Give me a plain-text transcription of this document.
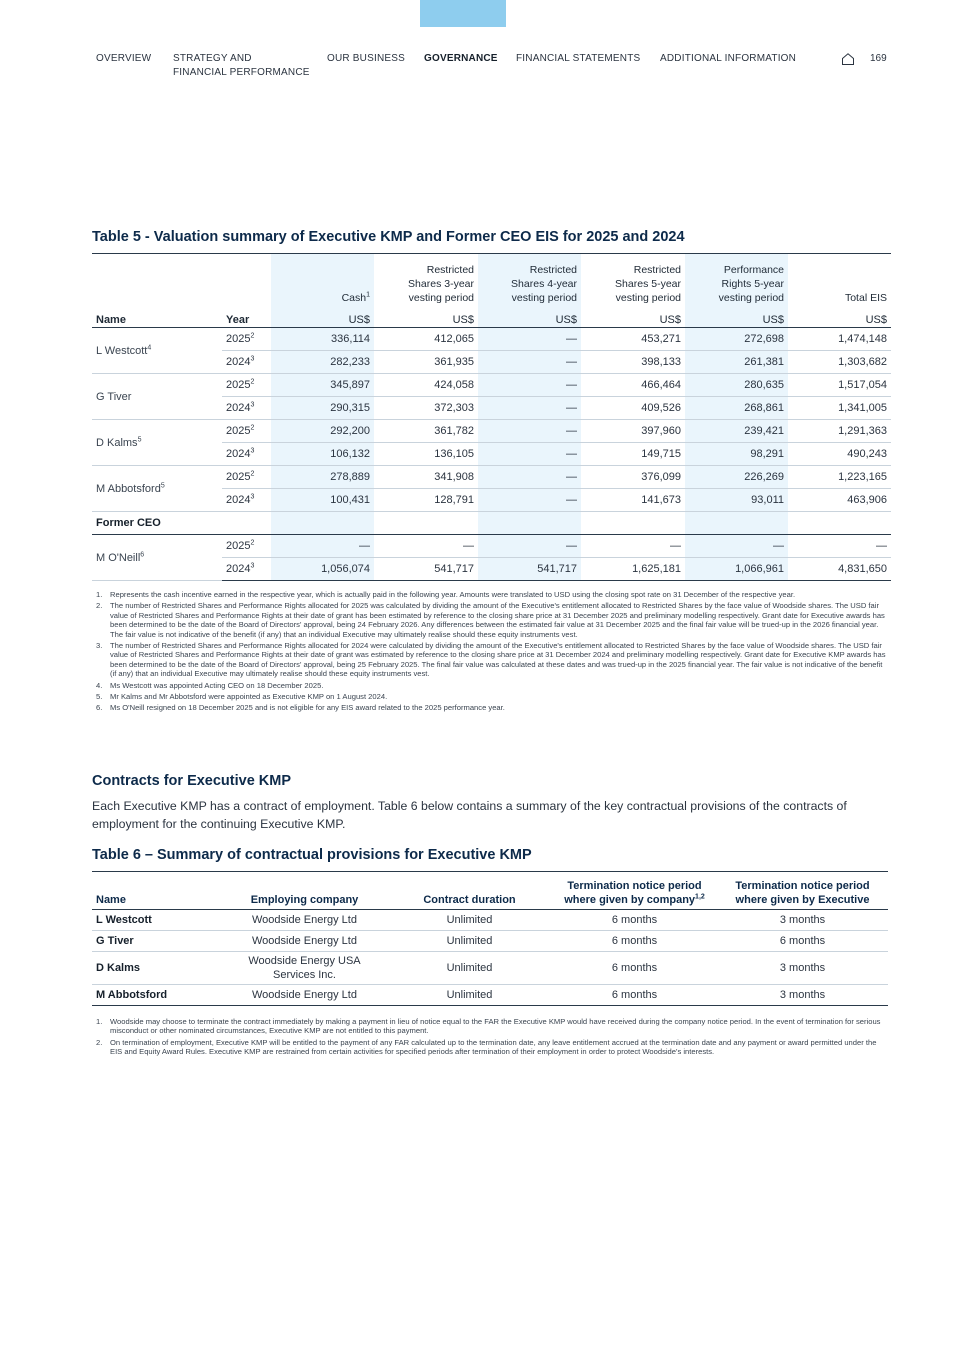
OVERVIEW STRATEGY AND
FINANCIAL PERFORMANCE
OUR BUSINESS GOVERNANCE FINANCIAL STATEMENTS ADDITIONAL INFORMATION	169
Table 5 - Valuation summary of Executive KMP and Former CEO EIS for 2025 and 2024
		Cash$^1$	Restricted
Shares 3-year
vesting period	Restricted
Shares 4-year
vesting period	Restricted
Shares 5-year
vesting period	Performance
Rights 5-year
vesting period	Total EIS
Name	Year	US$	US$	US$	US$	US$	US$
L Westcott$^4$	2025$^2$	336,114	412,065	—	453,271	272,698	1,474,148
	2024$^3$	282,233	361,935	—	398,133	261,381	1,303,682
G Tiver	2025$^2$	345,897	424,058	—	466,464	280,635	1,517,054
	2024$^3$	290,315	372,303	—	409,526	268,861	1,341,005
D Kalms$^5$	2025$^2$	292,200	361,782	—	397,960	239,421	1,291,363
	2024$^3$	106,132	136,105	—	149,715	98,291	490,243
M Abbotsford$^5$	2025$^2$	278,889	341,908	—	376,099	226,269	1,223,165
	2024$^3$	100,431	128,791	—	141,673	93,011	463,906
Former CEO							
M O'Neill$^6$	2025$^2$	—	—	—	—	—	—
	2024$^3$	1,056,074	541,717	541,717	1,625,181	1,066,961	4,831,650
1. Represents the cash incentive earned in the respective year, which is actually paid in the following year. Amounts were translated to USD using the closing spot rate on 31 December of the respective year.
2. The number of Restricted Shares and Performance Rights allocated for 2025 was calculated by dividing the amount of the Executive's entitlement allocated to Restricted Shares by the face value of Woodside shares. The USD fair value of Restricted Shares and Performance Rights at their date of grant has been estimated by reference to the closing share price at 31 December 2025 and preliminary modelling respectively. Grant date for Executive awards has been determined to be the date of the Board of Directors' approval, being 24 February 2026. Any differences between the estimated fair value at 31 December 2025 and the final fair value will be trued-up in the 2026 financial year. The fair value is not indicative of the benefit (if any) that an individual Executive may ultimately realise should these equity instruments vest.
3. The number of Restricted Shares and Performance Rights allocated for 2024 were calculated by dividing the amount of the Executive's entitlement allocated to Restricted Shares by the face value of Woodside shares. The USD fair value of Restricted Shares and Performance Rights at their date of grant was estimated by reference to the closing share price at 31 December 2024 and preliminary modelling respectively. Grant date for Executive KMP awards has been determined to be the date of the Board of Directors' approval, being 25 February 2025. The final fair value was calculated at these dates and was trued-up in the 2025 financial year. The fair value is not indicative of the benefit (if any) that an individual Executive may ultimately realise should these equity instruments vest.
4. Ms Westcott was appointed Acting CEO on 18 December 2025.
5. Mr Kalms and Mr Abbotsford were appointed as Executive KMP on 1 August 2024.
6. Ms O'Neill resigned on 18 December 2025 and is not eligible for any EIS award related to the 2025 performance year.
Contracts for Executive KMP

Each Executive KMP has a contract of employment. Table 6 below contains a summary of the key contractual provisions of the contracts of employment for the continuing Executive KMP.

Table 6 – Summary of contractual provisions for Executive KMP
Name	Employing company	Contract duration	Termination notice period
where given by company$^{1,2}$	Termination notice period
where given by Executive
L Westcott	Woodside Energy Ltd	Unlimited	6 months	3 months
G Tiver	Woodside Energy Ltd	Unlimited	6 months	6 months
D Kalms	Woodside Energy USA
Services Inc.	Unlimited	6 months	3 months
M Abbotsford	Woodside Energy Ltd	Unlimited	6 months	3 months
1. Woodside may choose to terminate the contract immediately by making a payment in lieu of notice equal to the FAR the Executive KMP would have received during the company notice period. In the event of termination for serious misconduct or other nominated circumstances, Executive KMP are not entitled to this payment.
2. On termination of employment, Executive KMP will be entitled to the payment of any FAR calculated up to the termination date, any leave entitlement accrued at the termination date and any payment or award permitted under the EIS and Equity Award Rules. Executive KMP are restrained from certain activities for specified periods after termination of their employment in order to protect Woodside's interests.
